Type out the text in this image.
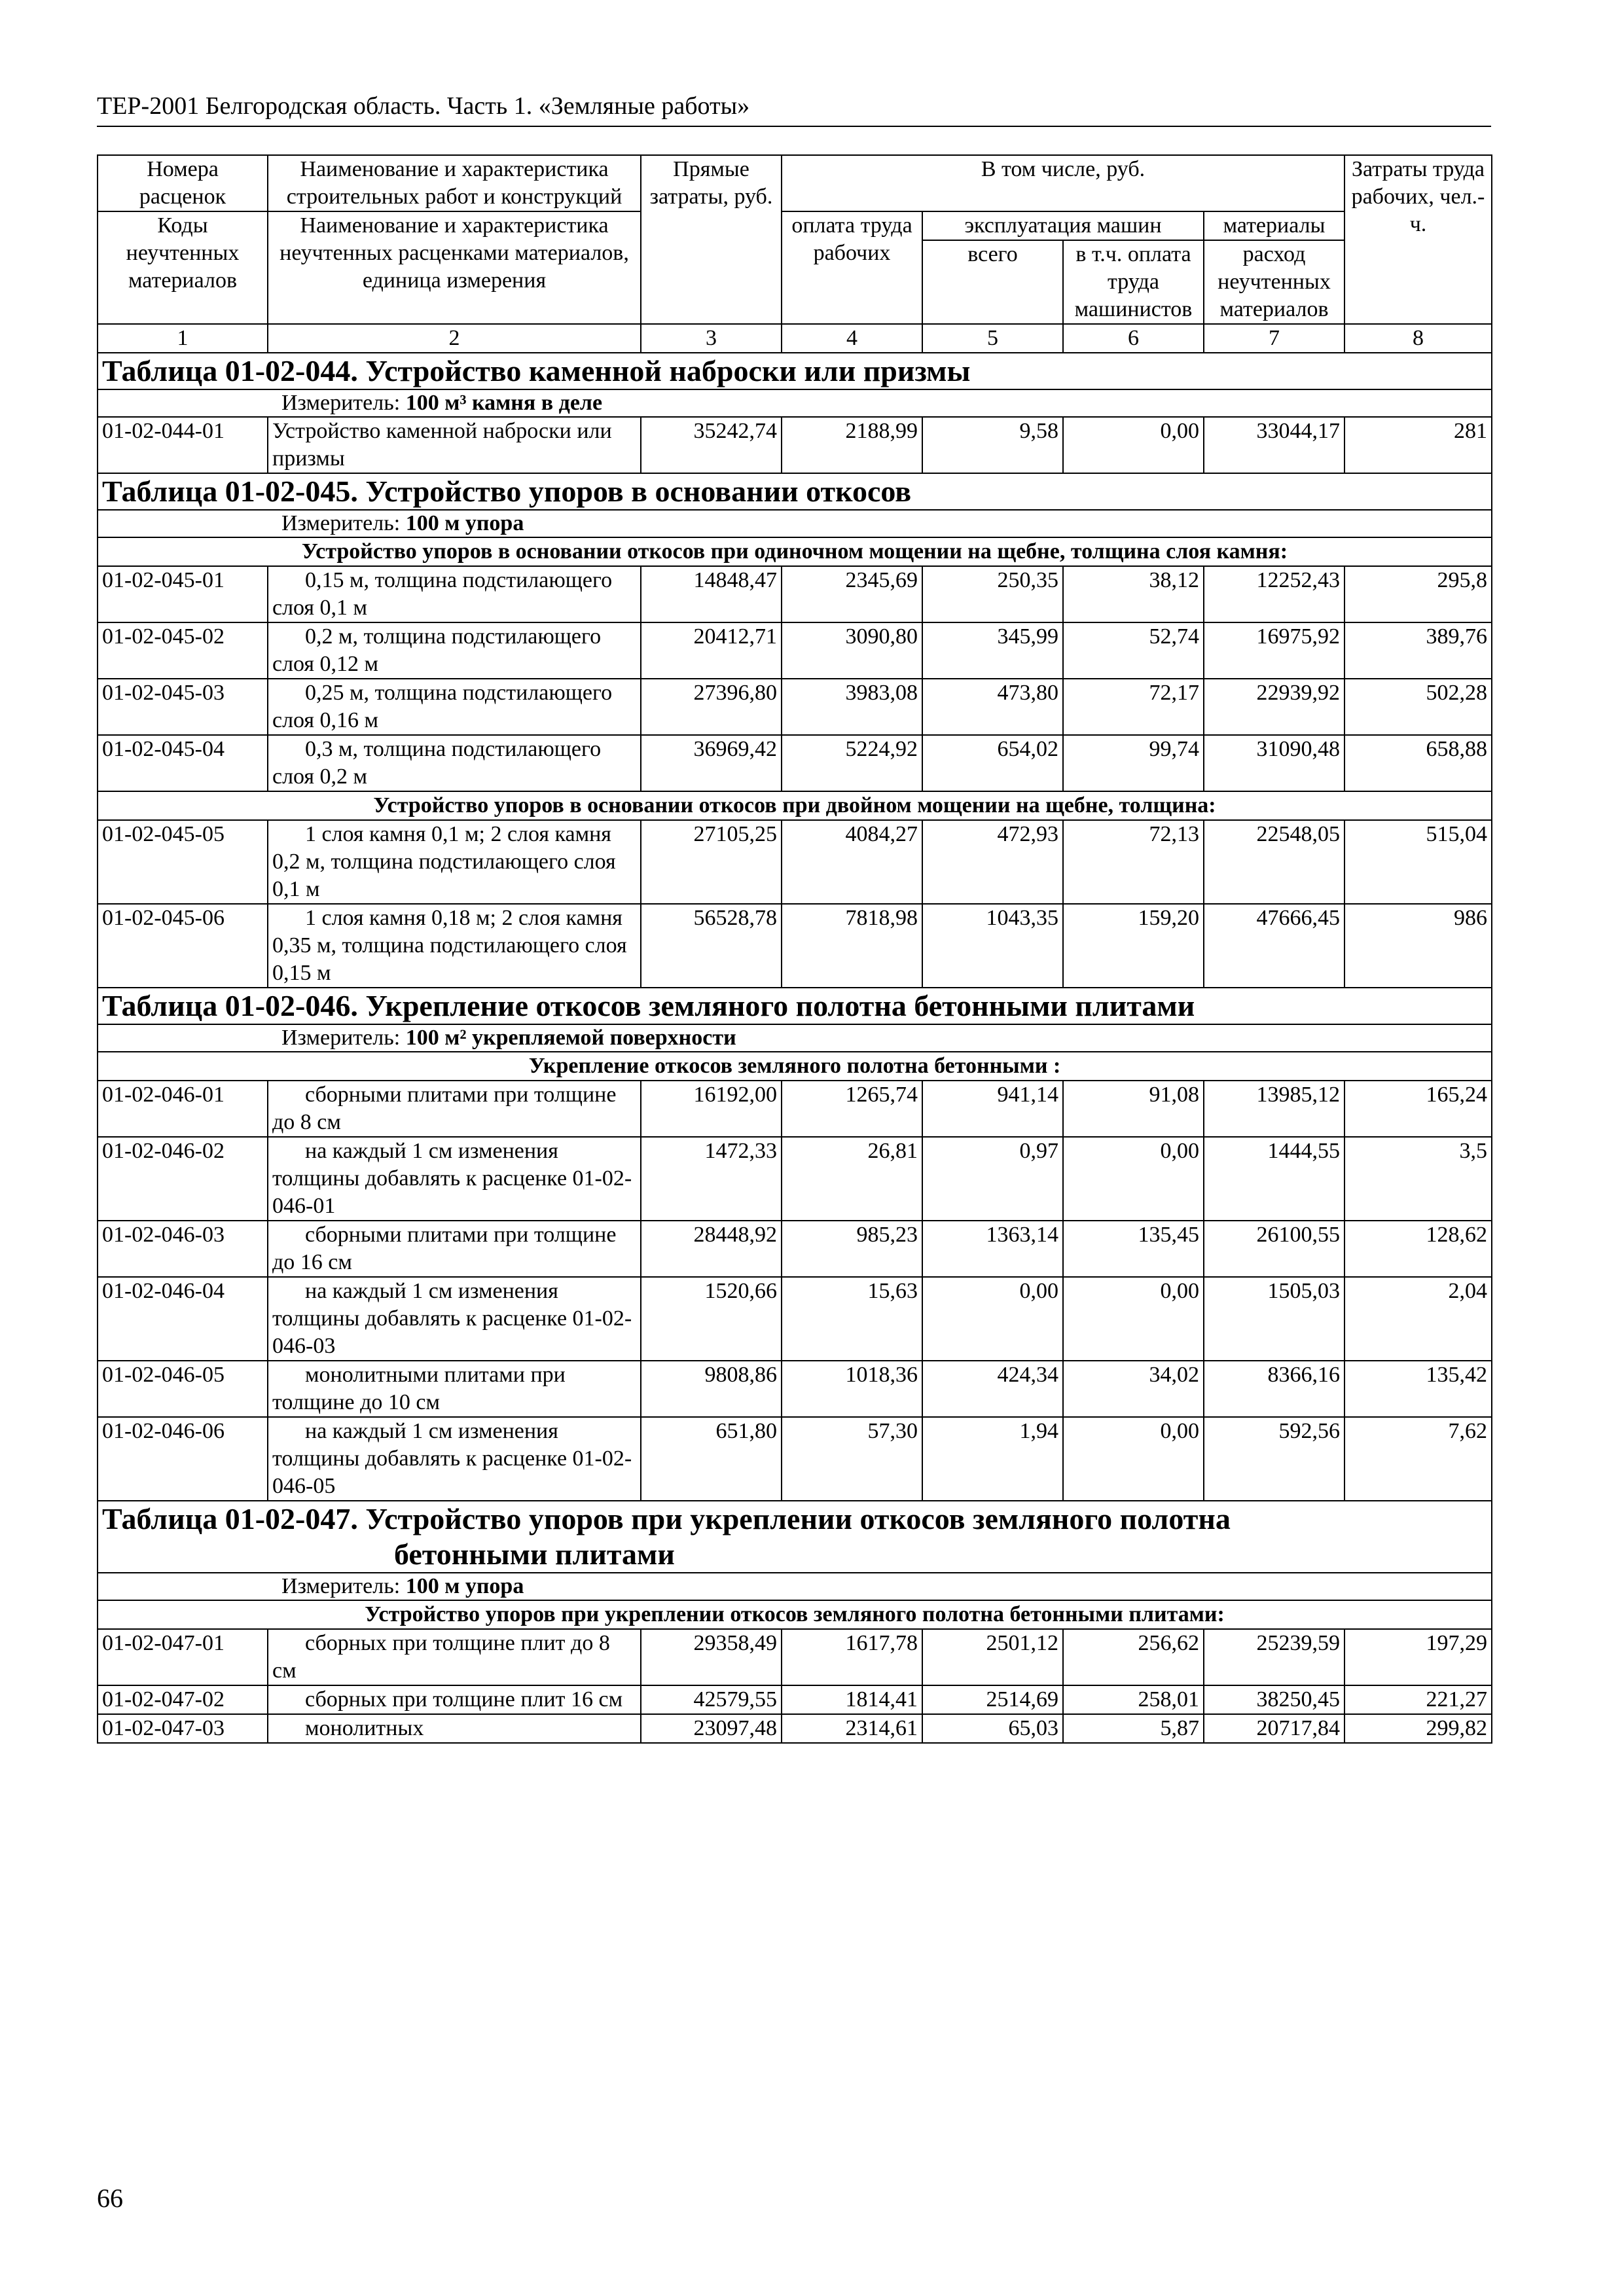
ТЕР-2001 Белгородская область. Часть 1. «Земляные работы»
Номера расценок	Наименование и характеристика строительных работ и конструкций	Прямые затраты, руб.	В том числе, руб.				Затраты труда рабочих, чел.-ч.
Коды неучтенных материалов	Наименование и характеристика неучтенных расценками материалов, единица измерения		оплата труда рабочих	эксплуатация машин		материалы	
				всего	в т.ч. оплата труда машинистов	расход неучтенных материалов	
1	2	3	4	5	6	7	8

Таблица 01-02-044. Устройство каменной наброски или призмы							

Измеритель: 100 м³ камня в деле							

01-02-044-01	Устройство каменной наброски или призмы	35242,74	2188,99	9,58	0,00	33044,17	281

Таблица 01-02-045. Устройство упоров в основании откосов							

Измеритель: 100 м упора							

Устройство упоров в основании откосов при одиночном мощении на щебне, толщина слоя камня:							
01-02-045-01	0,15 м, толщина подстилающего слоя 0,1 м	14848,47	2345,69	250,35	38,12	12252,43	295,8
01-02-045-02	0,2 м, толщина подстилающего слоя 0,12 м	20412,71	3090,80	345,99	52,74	16975,92	389,76
01-02-045-03	0,25 м, толщина подстилающего слоя 0,16 м	27396,80	3983,08	473,80	72,17	22939,92	502,28
01-02-045-04	0,3 м, толщина подстилающего слоя 0,2 м	36969,42	5224,92	654,02	99,74	31090,48	658,88
Устройство упоров в основании откосов при двойном мощении на щебне, толщина:							
01-02-045-05	1 слоя камня 0,1 м; 2 слоя камня 0,2 м, толщина подстилающего слоя 0,1 м	27105,25	4084,27	472,93	72,13	22548,05	515,04
01-02-045-06	1 слоя камня 0,18 м; 2 слоя камня 0,35 м, толщина подстилающего слоя 0,15 м	56528,78	7818,98	1043,35	159,20	47666,45	986

Таблица 01-02-046. Укрепление откосов земляного полотна бетонными плитами							

Измеритель: 100 м² укрепляемой поверхности							

Укрепление откосов земляного полотна бетонными :							
01-02-046-01	сборными плитами при толщине до 8 см	16192,00	1265,74	941,14	91,08	13985,12	165,24
01-02-046-02	на каждый 1 см изменения толщины добавлять к расценке 01-02-046-01	1472,33	26,81	0,97	0,00	1444,55	3,5
01-02-046-03	сборными плитами при толщине до 16 см	28448,92	985,23	1363,14	135,45	26100,55	128,62
01-02-046-04	на каждый 1 см изменения толщины добавлять к расценке 01-02-046-03	1520,66	15,63	0,00	0,00	1505,03	2,04
01-02-046-05	монолитными плитами при толщине до 10 см	9808,86	1018,36	424,34	34,02	8366,16	135,42
01-02-046-06	на каждый 1 см изменения толщины добавлять к расценке 01-02-046-05	651,80	57,30	1,94	0,00	592,56	7,62

Таблица 01-02-047. Устройство упоров при укреплении откосов земляного полотна
бетонными плитами							

Измеритель: 100 м упора							

Устройство упоров при укреплении откосов земляного полотна бетонными плитами:							
01-02-047-01	сборных при толщине плит до 8 см	29358,49	1617,78	2501,12	256,62	25239,59	197,29
01-02-047-02	сборных при толщине плит 16 см	42579,55	1814,41	2514,69	258,01	38250,45	221,27
01-02-047-03	монолитных	23097,48	2314,61	65,03	5,87	20717,84	299,82
66
